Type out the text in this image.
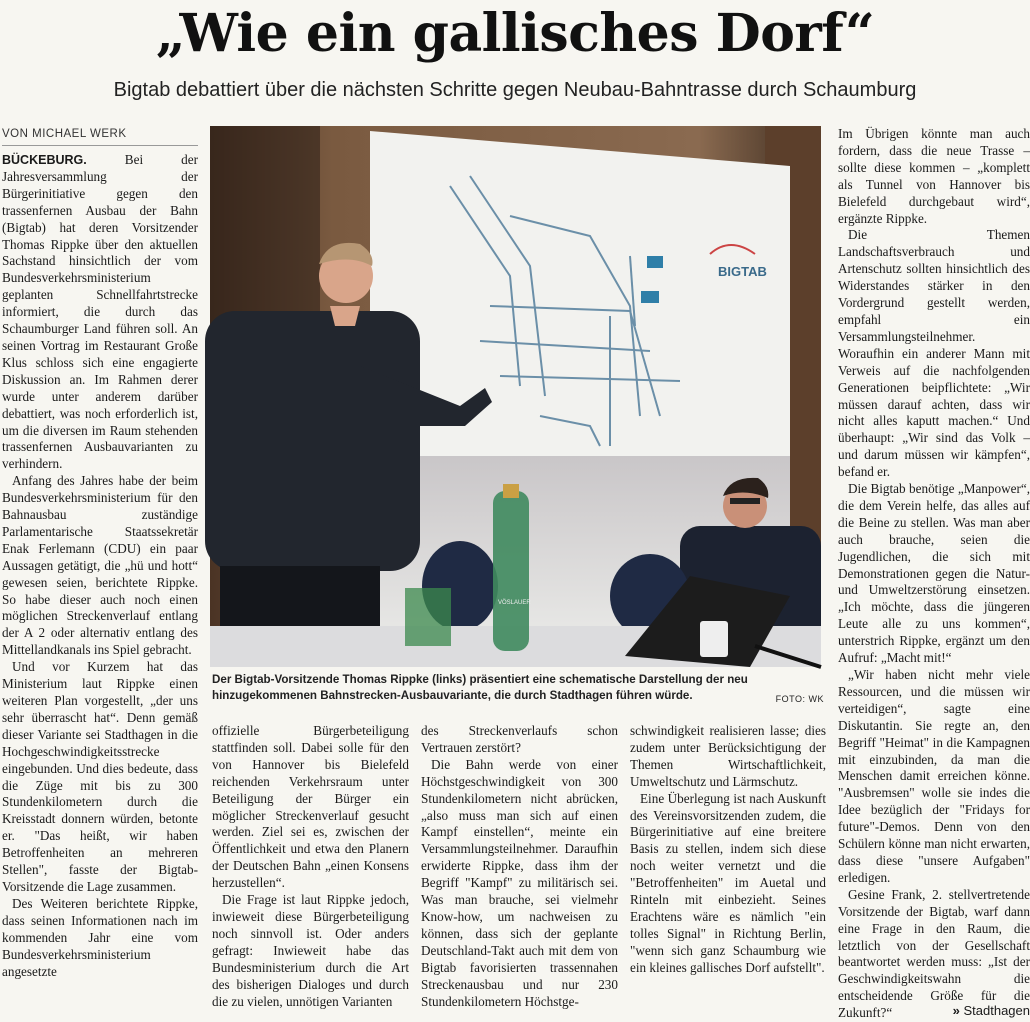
„Wie ein gallisches Dorf“
Bigtab debattiert über die nächsten Schritte gegen Neubau-Bahntrasse durch Schaumburg
VON MICHAEL WERK

BÜCKEBURG.	Bei der Jahresversammlung der Bürgerinitiative gegen den trassenfernen Ausbau der Bahn (Bigtab) hat deren Vorsitzender Thomas Rippke über den aktuellen Sachstand hinsichtlich der vom Bundesverkehrsministerium geplanten Schnellfahrtstrecke informiert, die durch das Schaumburger Land führen soll. An seinen Vortrag im Restaurant Große Klus schloss sich eine engagierte Diskussion an. Im Rahmen derer wurde unter anderem darüber debattiert, was noch erforderlich ist, um die diversen im Raum stehenden trassenfernen Ausbauvarianten zu verhindern.

Anfang des Jahres habe der beim Bundesverkehrsministerium für den Bahnausbau zuständige Parlamentarische Staatssekretär Enak Ferlemann (CDU) ein paar Aussagen getätigt, die „hü und hott“ gewesen seien, berichtete Rippke. So habe dieser auch noch einen möglichen Streckenverlauf entlang der A 2 oder alternativ entlang des Mittellandkanals ins Spiel gebracht.

Und vor Kurzem hat das Ministerium laut Rippke einen weiteren Plan vorgestellt, „der uns sehr überrascht hat“. Denn gemäß dieser Variante sei Stadthagen in die Hochgeschwindigkeitsstrecke eingebunden. Und dies bedeute, dass die Züge mit bis zu 300 Stundenkilometern durch die Kreisstadt donnern würden, betonte er. "Das heißt, wir haben Betroffenheiten an mehreren Stellen", fasste der Bigtab-Vorsitzende die Lage zusammen.

Des Weiteren berichtete Rippke, dass seinen Informationen nach im kommenden Jahr eine vom Bundesverkehrsministerium angesetzte

BIGTAB
VÖSLAUER
Der Bigtab-Vorsitzende Thomas Rippke (links) präsentiert eine schematische Darstellung der neu hinzugekommenen Bahnstrecken-Ausbauvariante, die durch Stadthagen führen würde.	FOTO: WK

offizielle Bürgerbeteiligung stattfinden soll. Dabei solle für den von Hannover bis Bielefeld reichenden Verkehrsraum unter Beteiligung der Bürger ein möglicher Streckenverlauf gesucht werden. Ziel sei es, zwischen der Öffentlichkeit und etwa den Planern der Deutschen Bahn „einen Konsens herzustellen“.

Die Frage ist laut Rippke jedoch, inwieweit diese Bürgerbeteiligung noch sinnvoll ist. Oder anders gefragt: Inwieweit habe das Bundesministerium durch die Art des bisherigen Dialoges und durch die zu vielen, unnötigen Varianten

des Streckenverlaufs schon Vertrauen zerstört?

Die Bahn werde von einer Höchstgeschwindigkeit von 300 Stundenkilometern nicht abrücken, „also muss man sich auf einen Kampf einstellen“, meinte ein Versammlungsteilnehmer. Daraufhin erwiderte Rippke, dass ihm der Begriff "Kampf" zu militärisch sei. Was man brauche, sei vielmehr Know-how, um nachweisen zu können, dass sich der geplante Deutschland-Takt auch mit dem von Bigtab favorisierten trassennahen Streckenausbau und nur 230 Stundenkilometern Höchstge-

schwindigkeit realisieren lasse; dies zudem unter Berücksichtigung der Themen Wirtschaftlichkeit, Umweltschutz und Lärmschutz.

Eine Überlegung ist nach Auskunft des Vereinsvorsitzenden zudem, die Bürgerinitiative auf eine breitere Basis zu stellen, indem sich diese noch weiter vernetzt und die "Betroffenheiten" im Auetal und Rinteln mit einbezieht. Seines Erachtens wäre es nämlich "ein tolles Signal" in Richtung Berlin, "wenn sich ganz Schaumburg wie ein kleines gallisches Dorf aufstellt".

Im Übrigen könnte man auch fordern, dass die neue Trasse – sollte diese kommen – „komplett als Tunnel von Hannover bis Bielefeld durchgebaut wird“, ergänzte Rippke.

Die Themen Landschaftsverbrauch und Artenschutz sollten hinsichtlich des Widerstandes stärker in den Vordergrund gestellt werden, empfahl ein Versammlungsteilnehmer. Woraufhin ein anderer Mann mit Verweis auf die nachfolgenden Generationen beipflichtete: „Wir müssen darauf achten, dass wir nicht alles kaputt machen.“ Und überhaupt: „Wir sind das Volk – und darum müssen wir kämpfen“, befand er.

Die Bigtab benötige „Manpower“, die dem Verein helfe, das alles auf die Beine zu stellen. Was man aber auch brauche, seien die Jugendlichen, die sich mit Demonstrationen gegen die Natur- und Umweltzerstörung einsetzen. „Ich möchte, dass die jüngeren Leute alle zu uns kommen“, unterstrich Rippke, ergänzt um den Aufruf: „Macht mit!“

„Wir haben nicht mehr viele Ressourcen, und die müssen wir verteidigen“, sagte eine Diskutantin. Sie regte an, den Begriff "Heimat" in die Kampagnen mit einzubinden, da man die Menschen damit erreichen könne. "Ausbremsen" wolle sie indes die Idee bezüglich der "Fridays for future"-Demos. Denn von den Schülern könne man nicht erwarten, dass diese "unsere Aufgaben" erledigen.

Gesine Frank, 2. stellvertretende Vorsitzende der Bigtab, warf dann eine Frage in den Raum, die letztlich von der Gesellschaft beantwortet werden muss: „Ist der Geschwindigkeitswahn die entscheidende Größe für die Zukunft?“	» Stadthagen
